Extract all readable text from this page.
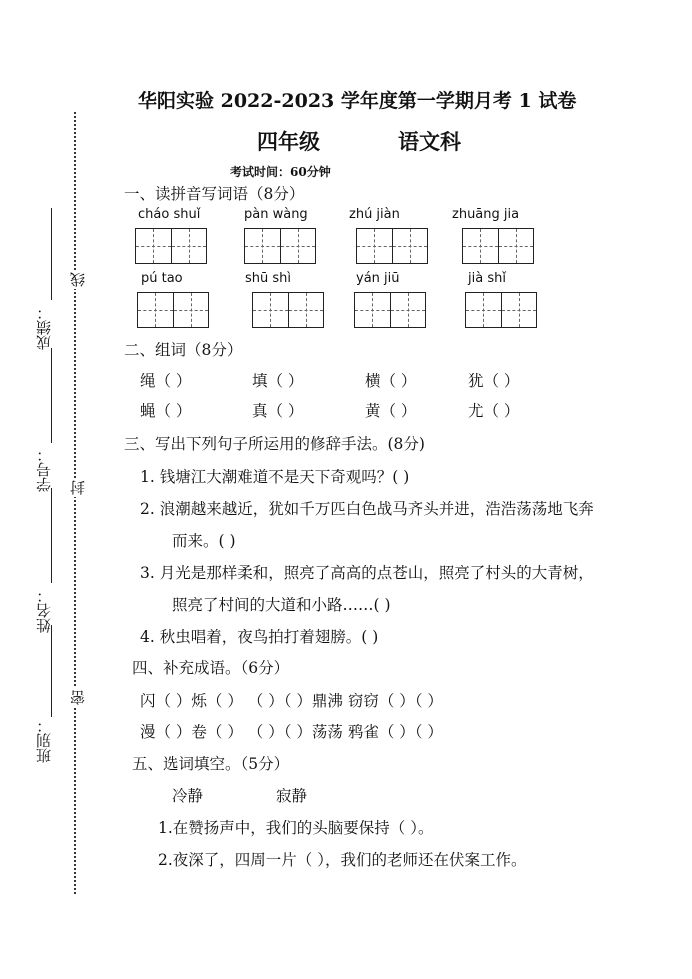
线
封
密
成绩：
学号：
姓名：
班别：
华阳实验 2022-2023 学年度第一学期月考 1 试卷
四年级	语文科
考试时间：60分钟
一、读拼音写词语（8分）
cháo shuǐ	pàn wàng	zhú jiàn	zhuāng jia
pú tao	shū shì	yán jiū	jià shǐ
二、组词（8分）
绳（ ）	填（ ）	横（ ）	犹（ ）
蝇（ ）	真（ ）	黄（ ）	尤（ ）
三、写出下列句子所运用的修辞手法。(8分)
1. 钱塘江大潮难道不是天下奇观吗？( )
2. 浪潮越来越近，犹如千万匹白色战马齐头并进，浩浩荡荡地飞奔
而来。( )
3. 月光是那样柔和，照亮了高高的点苍山，照亮了村头的大青树，
照亮了村间的大道和小路……( )
4. 秋虫唱着，夜鸟拍打着翅膀。( )
四、补充成语。（6分）
闪（ ）烁（ ） （ ）（ ）鼎沸 窃窃（ ）（ ）
漫（ ）卷（ ） （ ）（ ）荡荡 鸦雀（ ）（ ）
五、选词填空。（5分）
冷静	寂静
1.在赞扬声中，我们的头脑要保持（ ）。
2.夜深了，四周一片（ ），我们的老师还在伏案工作。
